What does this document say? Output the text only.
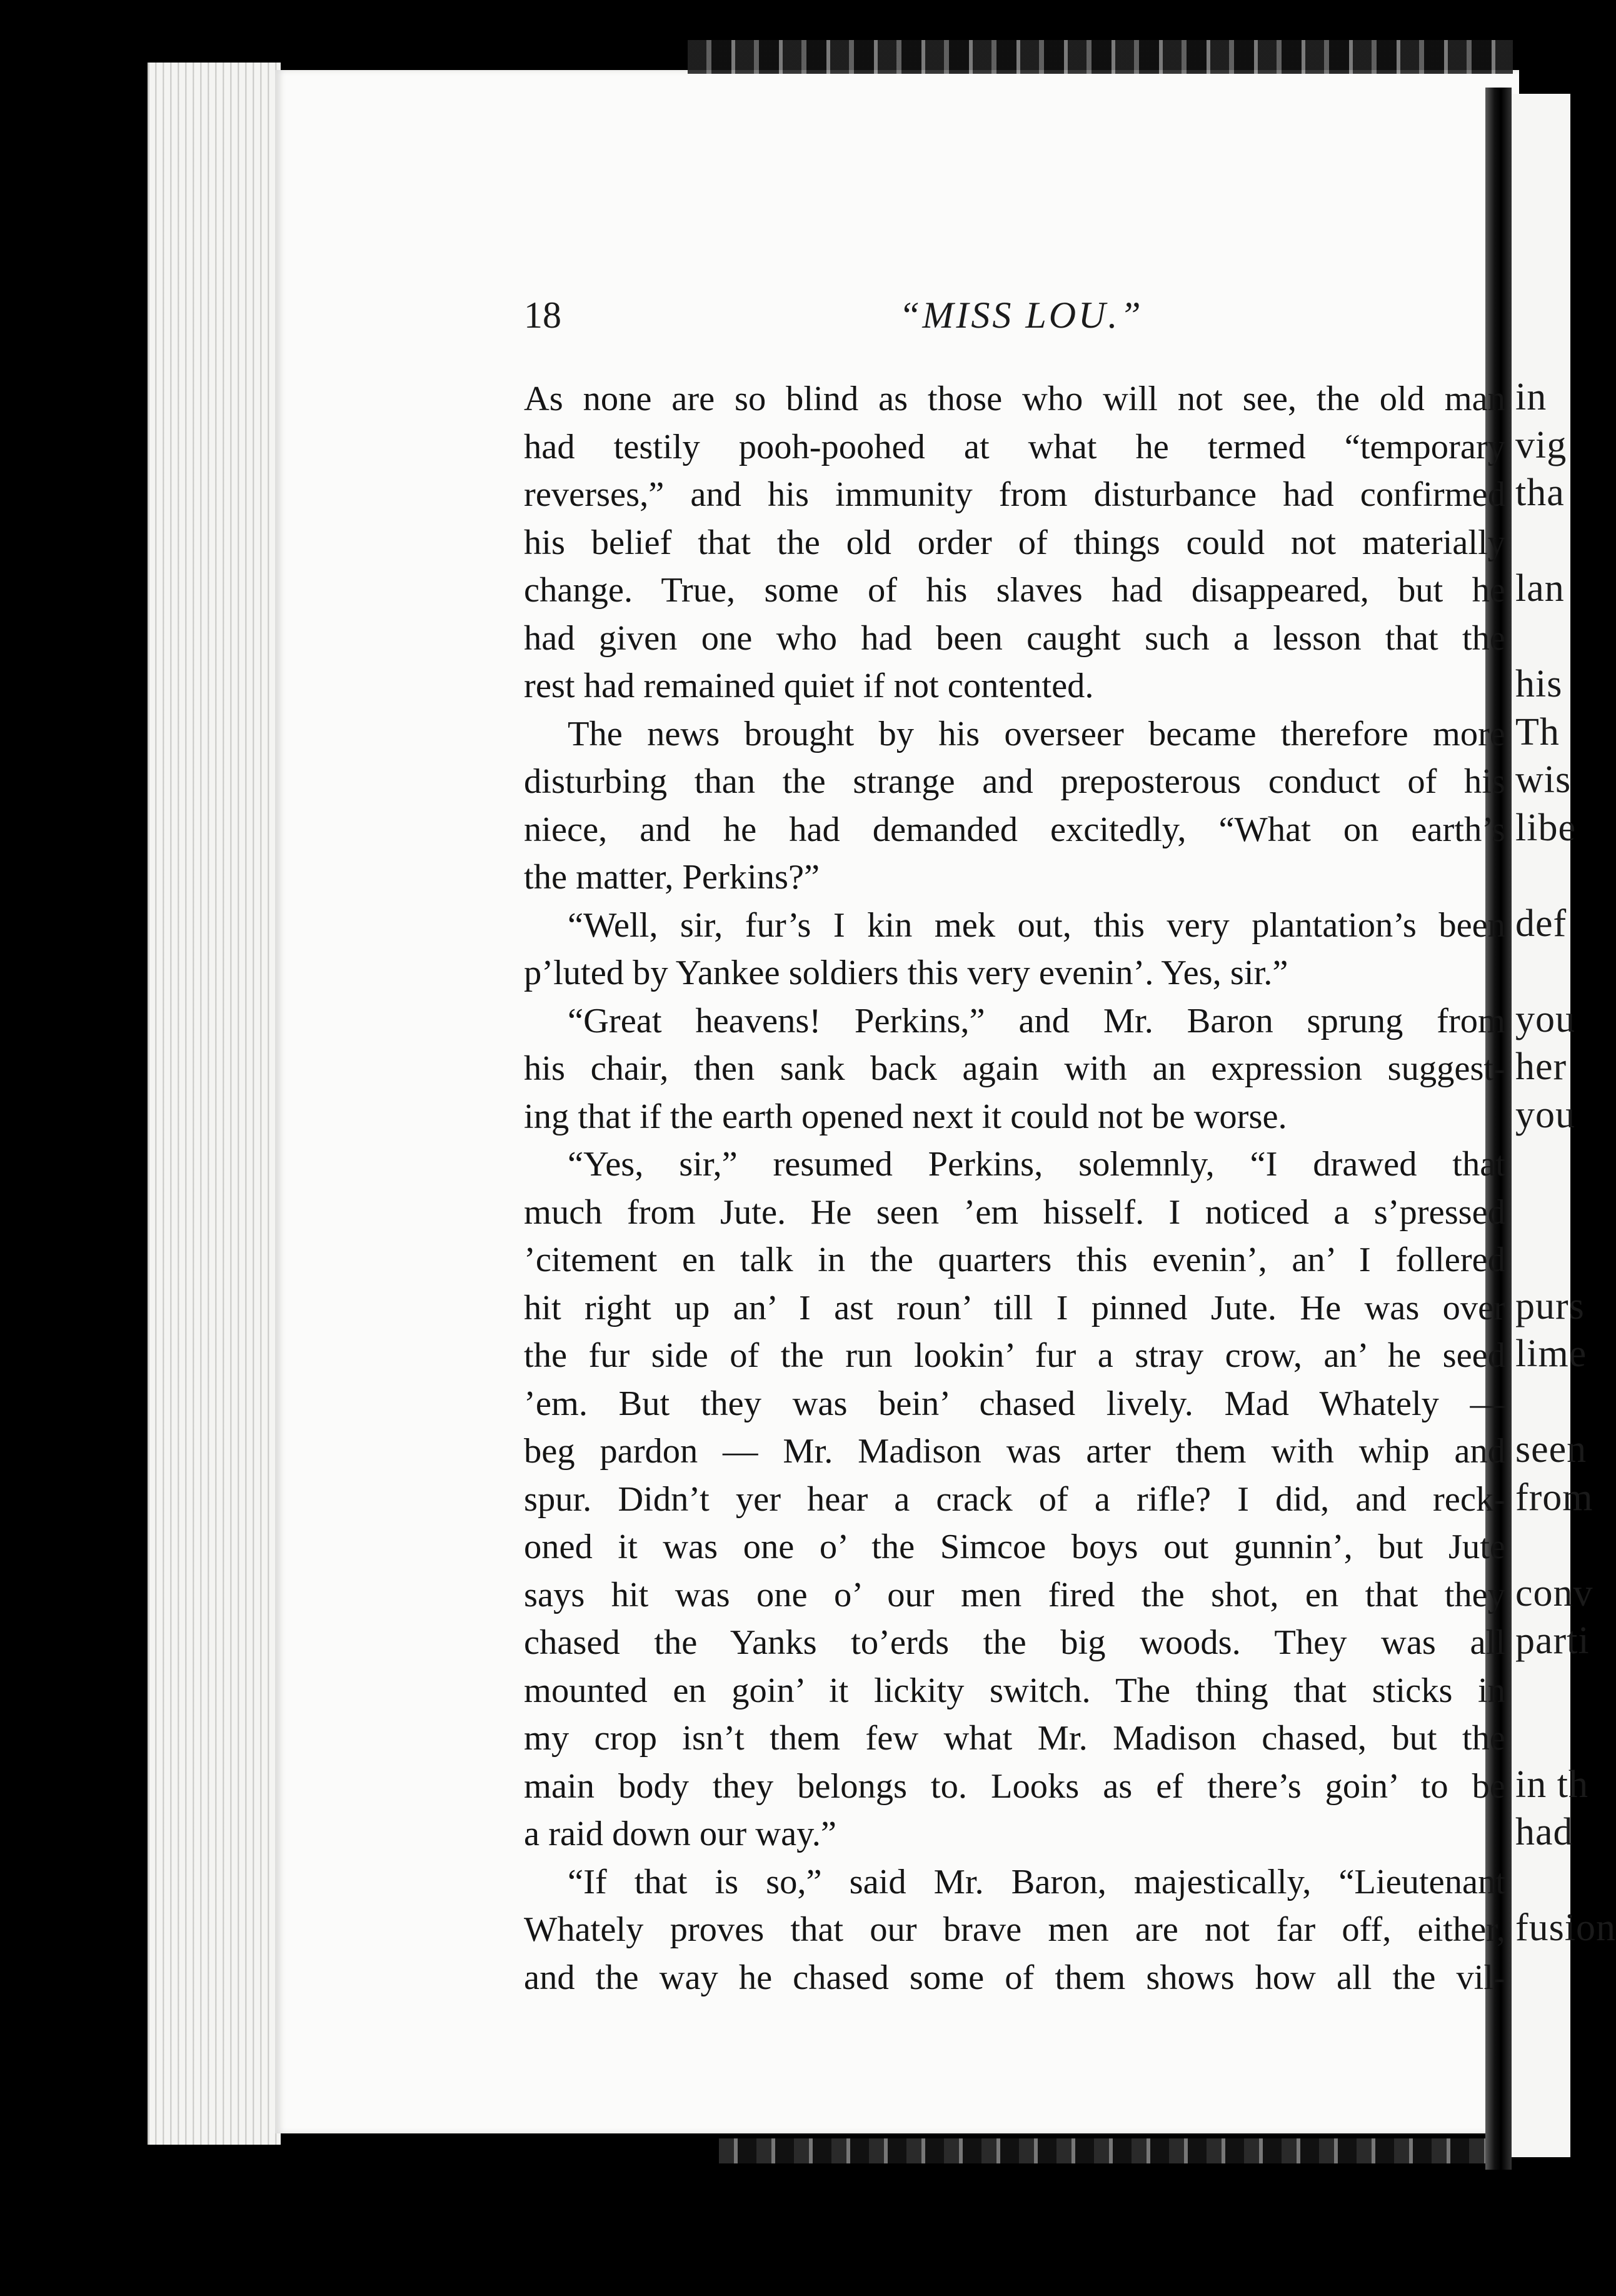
in
vig
tha
lan
his
Th
wis
libe
def
you
her
you
purs
lime
seen
from
conv
parti
in th
had
fusion
18	“MISS LOU.”
As none are so blind as those who will not see, the old man
had testily pooh-poohed at what he termed “temporary
reverses,” and his immunity from disturbance had confirmed
his belief that the old order of things could not materially
change. True, some of his slaves had disappeared, but he
had given one who had been caught such a lesson that the
rest had remained quiet if not contented.
The news brought by his overseer became therefore more
disturbing than the strange and preposterous conduct of his
niece, and he had demanded excitedly, “What on earth’s
the matter, Perkins?”
“Well, sir, fur’s I kin mek out, this very plantation’s been
p’luted by Yankee soldiers this very evenin’. Yes, sir.”
“Great heavens! Perkins,” and Mr. Baron sprung from
his chair, then sank back again with an expression suggest-
ing that if the earth opened next it could not be worse.
“Yes, sir,” resumed Perkins, solemnly, “I drawed that
much from Jute. He seen ’em hisself. I noticed a s’pressed
’citement en talk in the quarters this evenin’, an’ I follered
hit right up an’ I ast roun’ till I pinned Jute. He was over
the fur side of the run lookin’ fur a stray crow, an’ he seed
’em. But they was bein’ chased lively. Mad Whately —
beg pardon — Mr. Madison was arter them with whip and
spur. Didn’t yer hear a crack of a rifle? I did, and reck-
oned it was one o’ the Simcoe boys out gunnin’, but Jute
says hit was one o’ our men fired the shot, en that they
chased the Yanks to’erds the big woods. They was all
mounted en goin’ it lickity switch. The thing that sticks in
my crop isn’t them few what Mr. Madison chased, but the
main body they belongs to. Looks as ef there’s goin’ to be
a raid down our way.”
“If that is so,” said Mr. Baron, majestically, “Lieutenant
Whately proves that our brave men are not far off, either,
and the way he chased some of them shows how all the vil-
